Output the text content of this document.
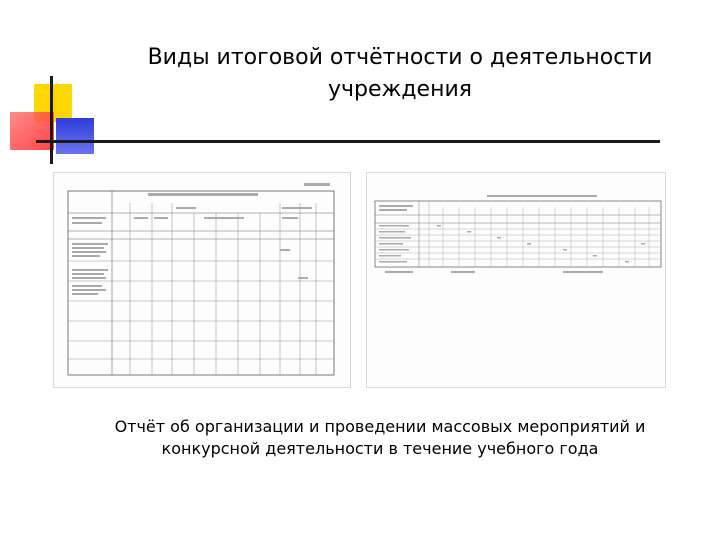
Виды итоговой отчётности о деятельности
учреждения
Отчёт об организации и проведении массовых мероприятий и
конкурсной деятельности в течение учебного года
